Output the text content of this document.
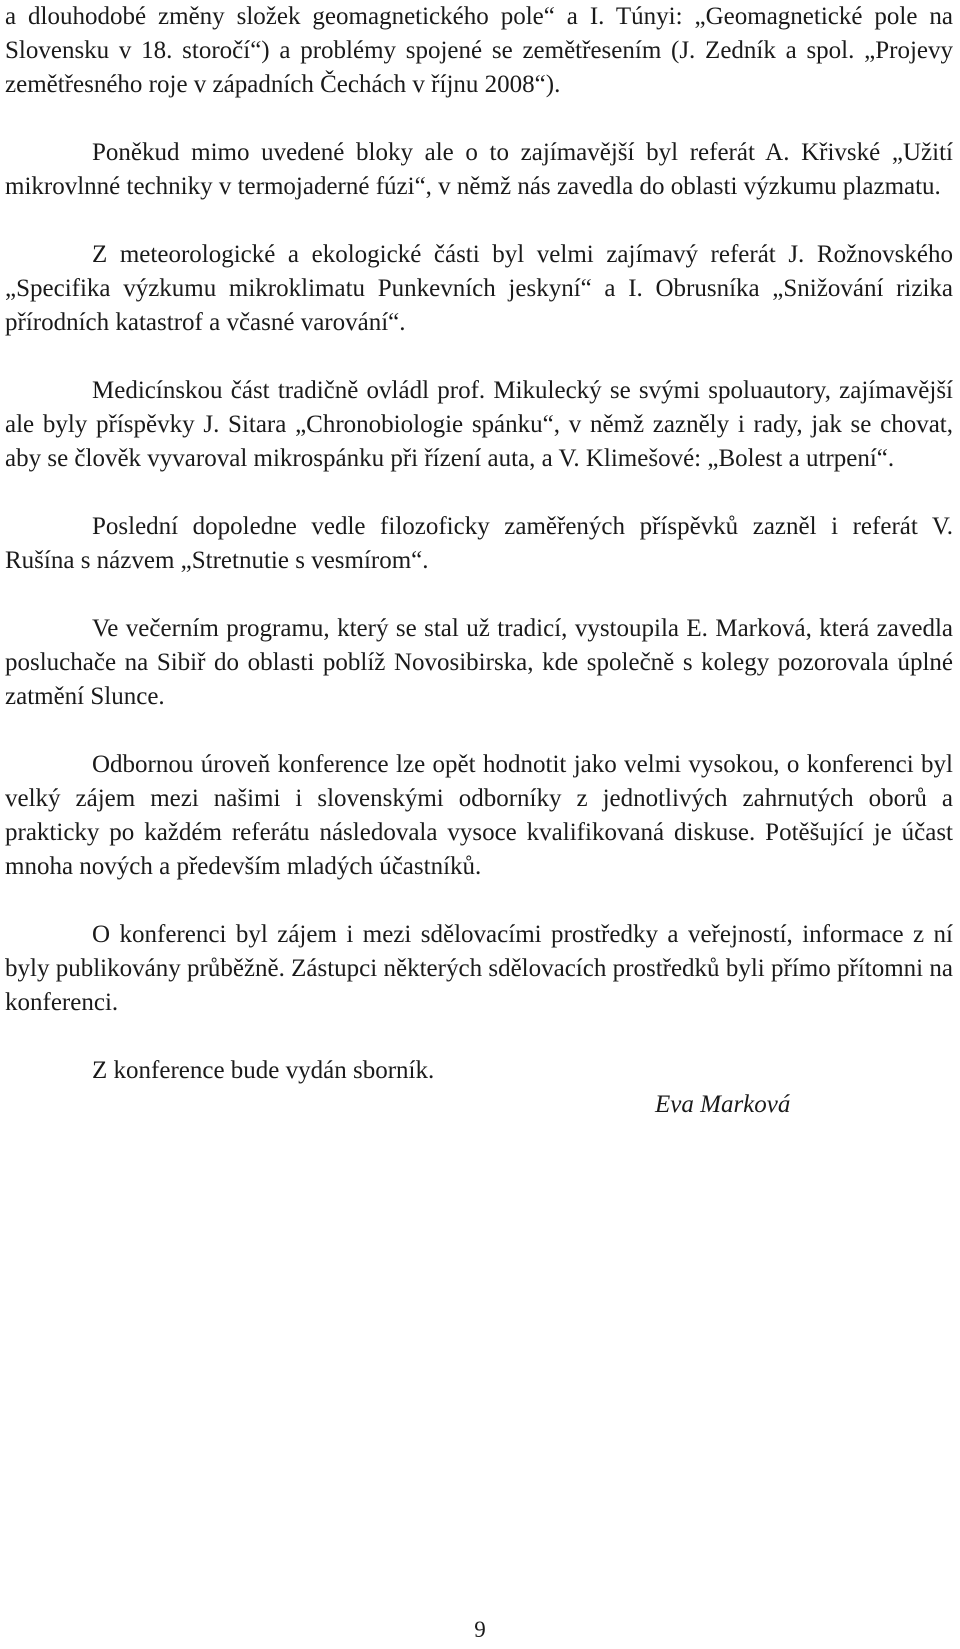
a dlouhodobé změny složek geomagnetického pole“ a I. Túnyi: „Geomagnetické pole na Slovensku v 18. storočí“) a problémy spojené se zemětřesením (J. Zedník a spol. „Projevy zemětřesného roje v západních Čechách v říjnu 2008“).

Poněkud mimo uvedené bloky ale o to zajímavější byl referát A. Křivské „Užití mikrovlnné techniky v termojaderné fúzi“, v němž nás zavedla do oblasti výzkumu plazmatu.

Z meteorologické a ekologické části byl velmi zajímavý referát J. Rožnovského „Specifika výzkumu mikroklimatu Punkevních jeskyní“ a I. Obrusníka „Snižování rizika přírodních katastrof a včasné varování“.

Medicínskou část tradičně ovládl prof. Mikulecký se svými spoluautory, zajímavější ale byly příspěvky J. Sitara „Chronobiologie spánku“, v němž zazněly i rady, jak se chovat, aby se člověk vyvaroval mikrospánku při řízení auta, a V. Klimešové: „Bolest a utrpení“.

Poslední dopoledne vedle filozoficky zaměřených příspěvků zazněl i referát V. Rušína s názvem „Stretnutie s vesmírom“.

Ve večerním programu, který se stal už tradicí, vystoupila E. Marková, která zavedla posluchače na Sibiř do oblasti poblíž Novosibirska, kde společně s kolegy pozorovala úplné zatmění Slunce.

Odbornou úroveň konference lze opět hodnotit jako velmi vysokou, o konferenci byl velký zájem mezi našimi i slovenskými odborníky z jednotlivých zahrnutých oborů a prakticky po každém referátu následovala vysoce kvalifikovaná diskuse. Potěšující je účast mnoha nových a především mladých účastníků.

O konferenci byl zájem i mezi sdělovacími prostředky a veřejností, informace z ní byly publikovány průběžně. Zástupci některých sdělovacích prostředků byli přímo přítomni na konferenci.

Z konference bude vydán sborník.

Eva Marková

9
